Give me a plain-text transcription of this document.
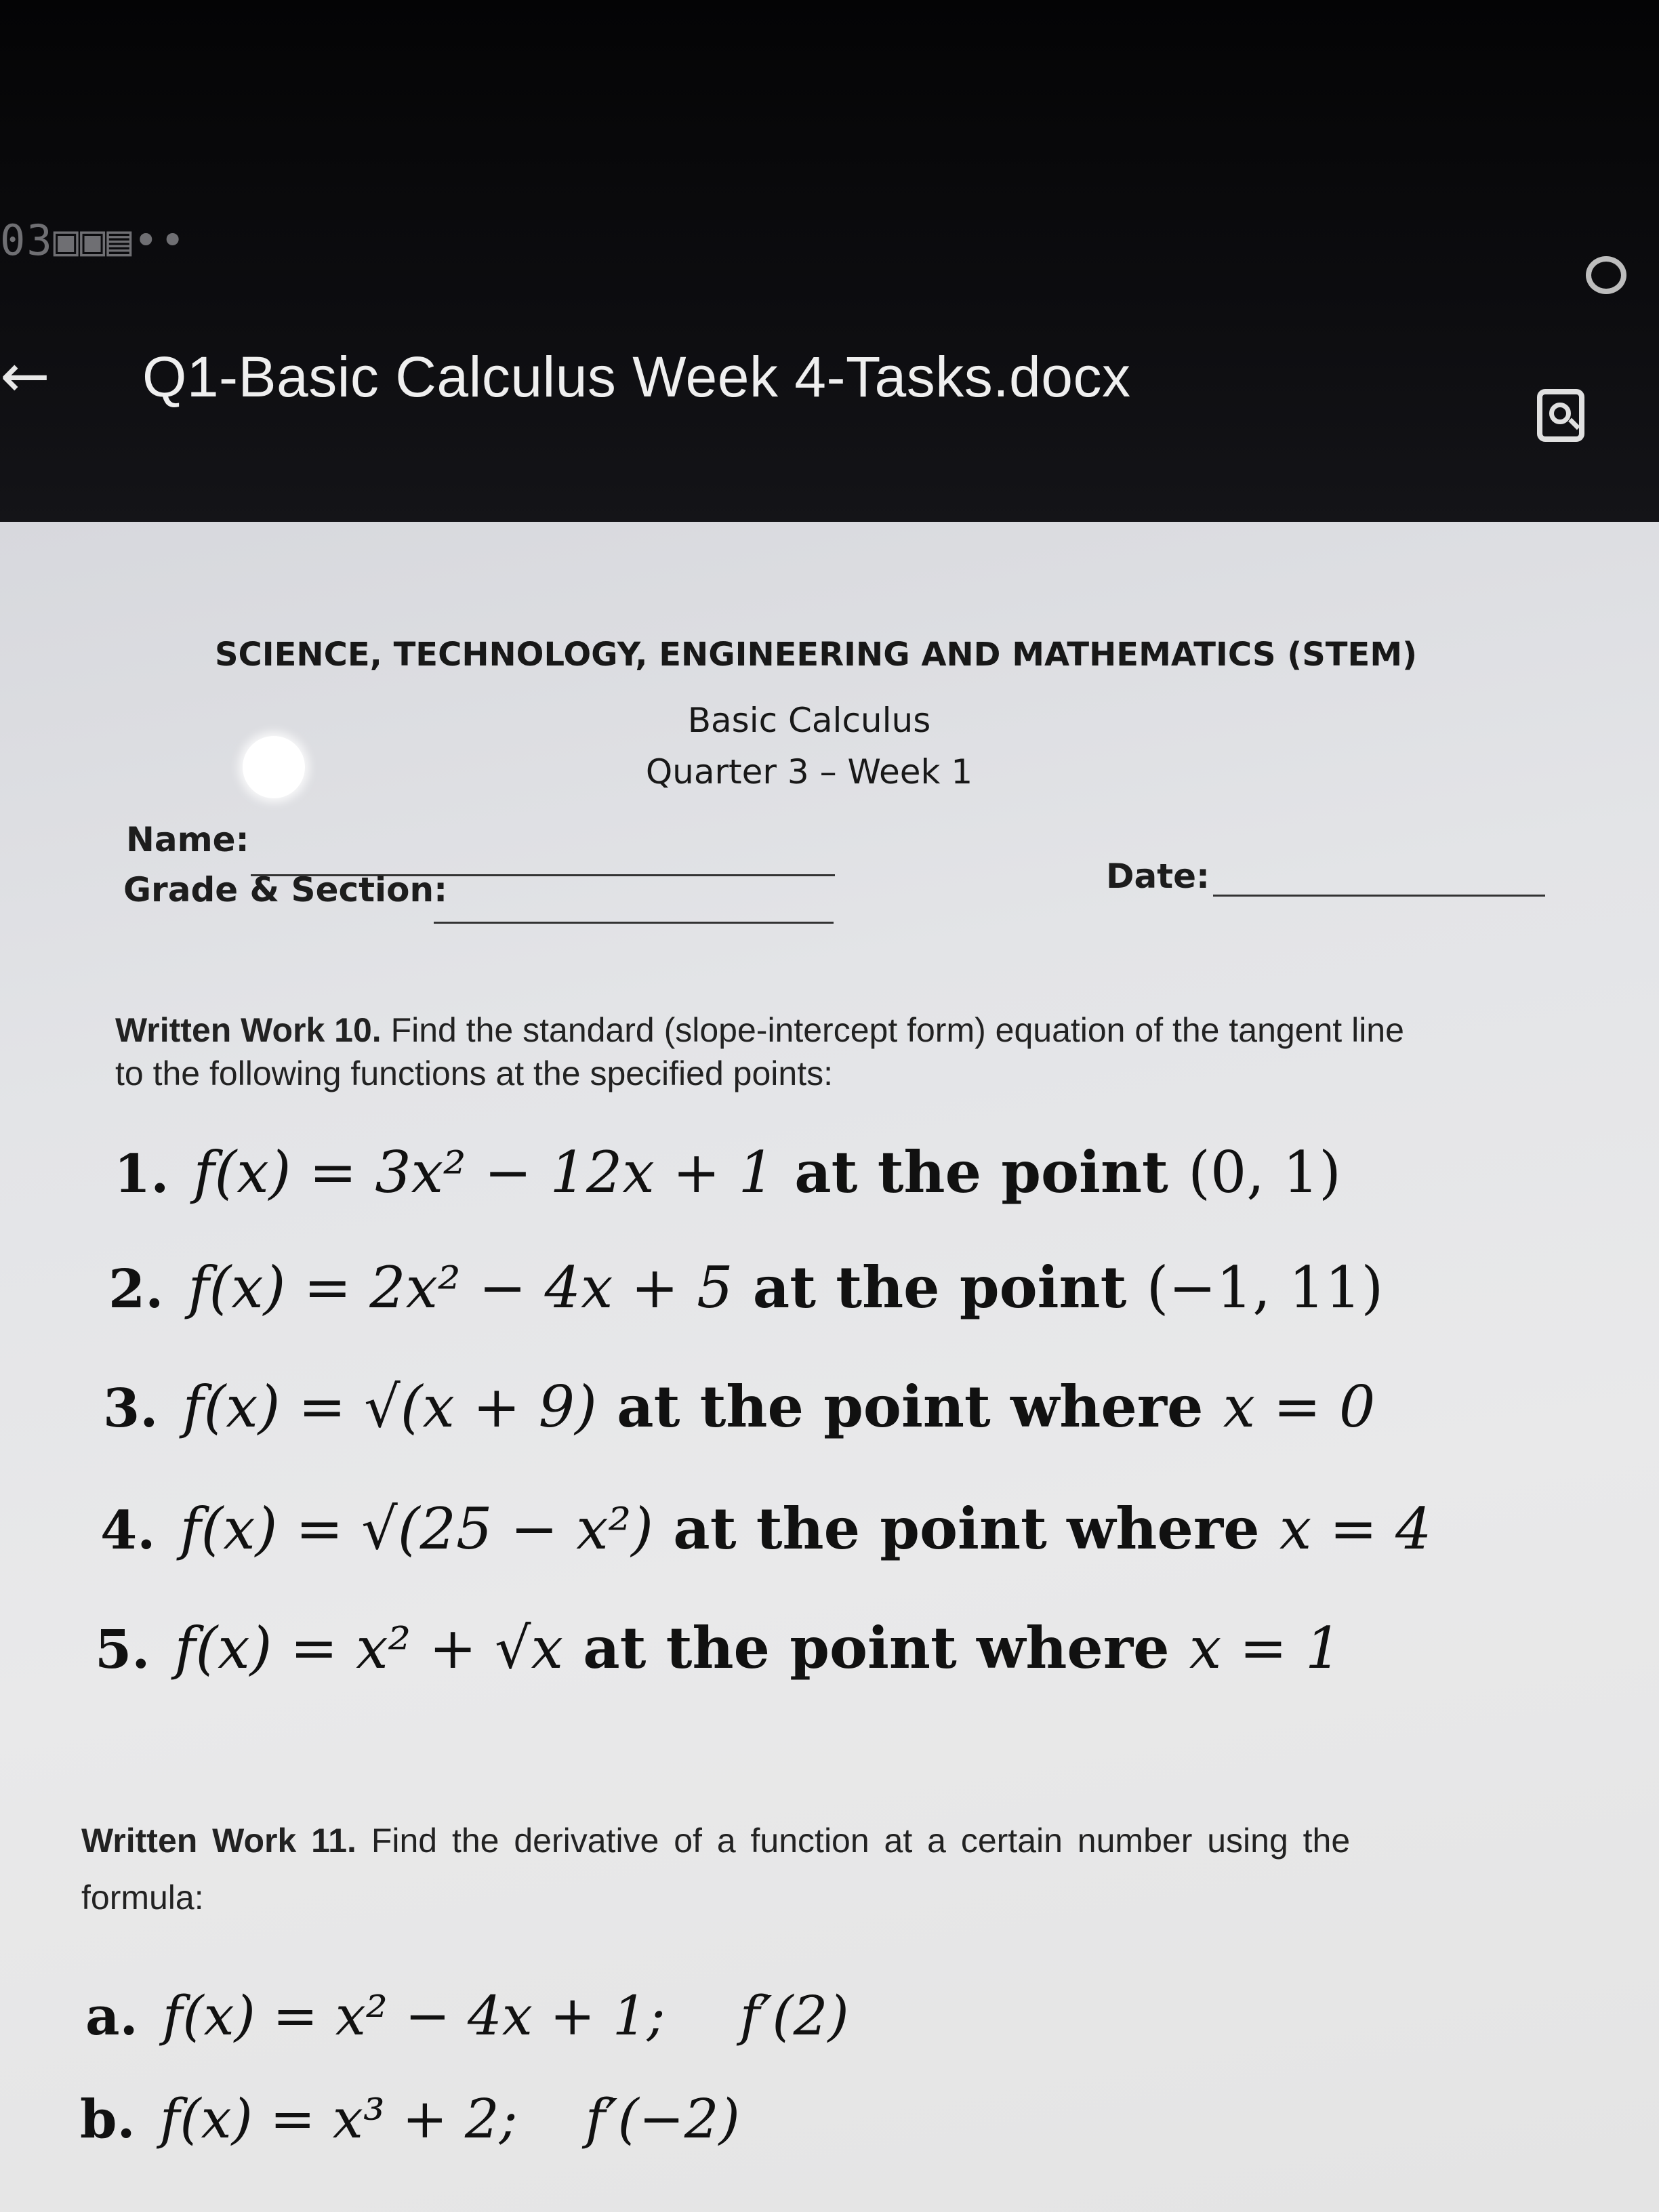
03▣▣▤••
← Q1-Basic Calculus Week 4-Tasks.docx
SCIENCE, TECHNOLOGY, ENGINEERING AND MATHEMATICS (STEM)
Basic Calculus
Quarter 3 – Week 1
Name:
Grade & Section:	Date:
Written Work 10. Find the standard (slope-intercept form) equation of the tangent line
to the following functions at the specified points:
1. f(x) = 3x² − 12x + 1 at the point (0, 1)
2. f(x) = 2x² − 4x + 5 at the point (−1, 11)
3. f(x) = √(x + 9) at the point where x = 0
4. f(x) = √(25 − x²) at the point where x = 4
5. f(x) = x² + √x at the point where x = 1
Written Work 11. Find the derivative of a function at a certain number using the
formula:
a. f(x) = x² − 4x + 1; f′(2)
b. f(x) = x³ + 2; f′(−2)
